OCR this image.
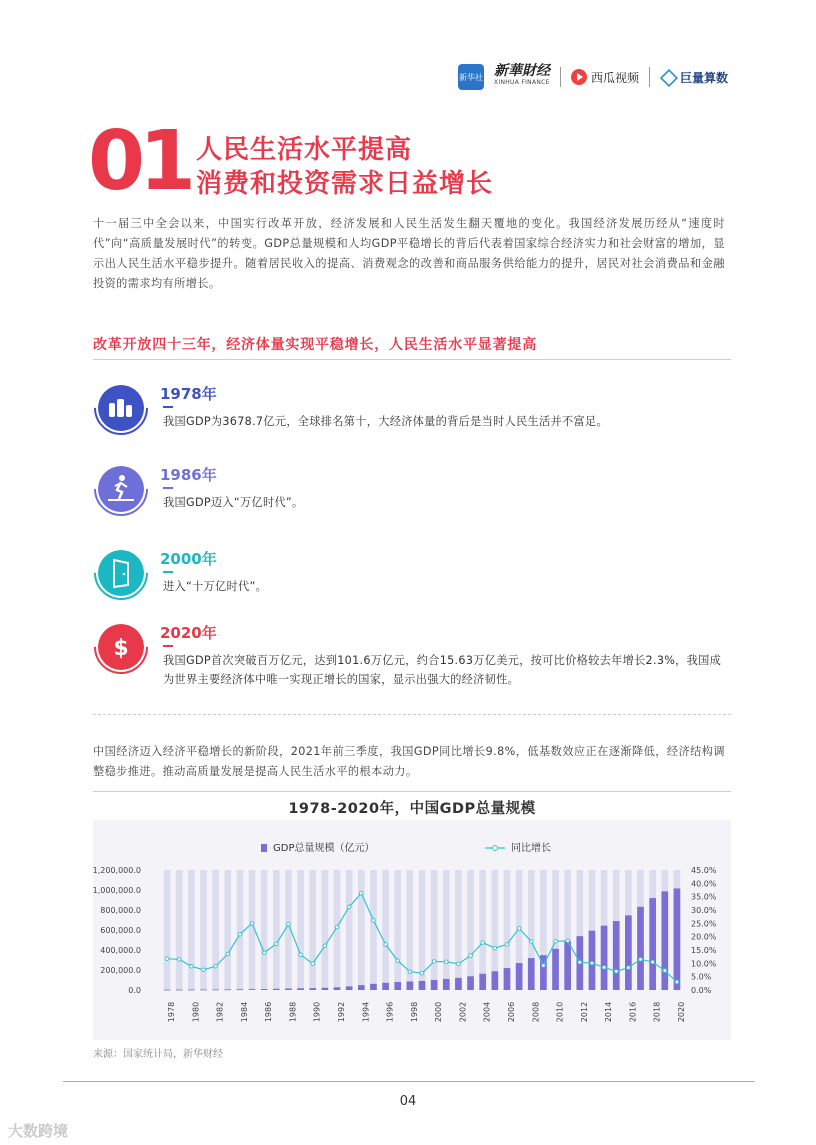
新华社 新華財经
XINHUA FINANCE	西瓜视频	巨量算数
01 人民生活水平提高
消费和投资需求日益增长
十一届三中全会以来，中国实行改革开放，经济发展和人民生活发生翻天覆地的变化。我国经济发展历经从“速度时代”向“高质量发展时代”的转变。GDP总量规模和人均GDP平稳增长的背后代表着国家综合经济实力和社会财富的增加，显示出人民生活水平稳步提升。随着居民收入的提高、消费观念的改善和商品服务供给能力的提升，居民对社会消费品和金融投资的需求均有所增长。
改革开放四十三年，经济体量实现平稳增长，人民生活水平显著提高
1978年
我国GDP为3678.7亿元，全球排名第十，大经济体量的背后是当时人民生活并不富足。
1986年
我国GDP迈入“万亿时代”。
2000年
进入“十万亿时代”。
$
2020年
我国GDP首次突破百万亿元，达到101.6万亿元，约合15.63万亿美元，按可比价格较去年增长2.3%，我国成为世界主要经济体中唯一实现正增长的国家，显示出强大的经济韧性。
中国经济迈入经济平稳增长的新阶段，2021年前三季度，我国GDP同比增长9.8%，低基数效应正在逐渐降低，经济结构调整稳步推进。推动高质量发展是提高人民生活水平的根本动力。
1978-2020年，中国GDP总量规模
GDP总量规模（亿元）	同比增长
0.0
200,000.0
400,000.0
600,000.0
800,000.0
1,000,000.0
1,200,000.0
0.0%
5.0%
10.0%
15.0%
20.0%
25.0%
30.0%
35.0%
40.0%
45.0%
1978 1980 1982 1984 1986 1988 1990 1992 1994 1996 1998 2000 2002 2004 2006 2008 2010 2012 2014 2016 2018 2020
来源：国家统计局，新华财经
04
大数跨境
